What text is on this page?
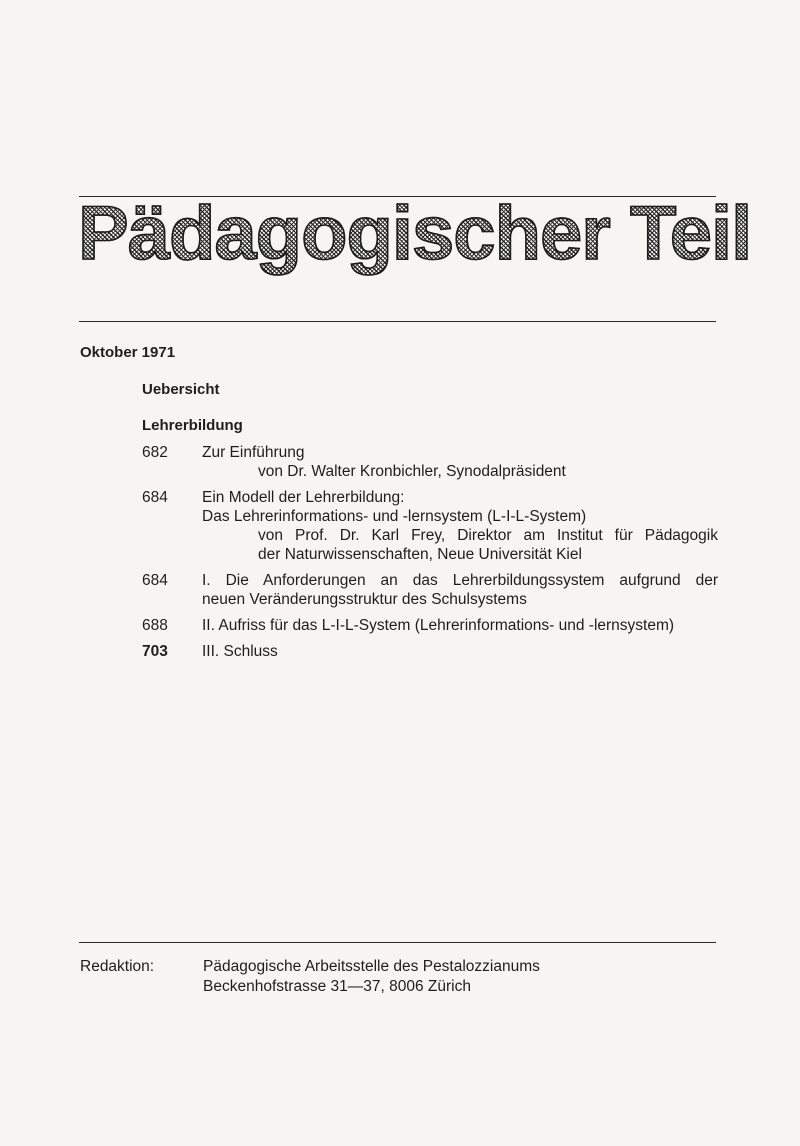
Pädagogischer Teil
Oktober 1971
Uebersicht
Lehrerbildung
682	Zur Einführung
von Dr. Walter Kronbichler, Synodalpräsident
684	Ein Modell der Lehrerbildung:
Das Lehrerinformations- und -lernsystem (L-I-L-System)
von Prof. Dr. Karl Frey, Direktor am Institut für Pädagogik
der Naturwissenschaften, Neue Universität Kiel
684	I. Die Anforderungen an das Lehrerbildungssystem aufgrund der
neuen Veränderungsstruktur des Schulsystems
688	II. Aufriss für das L-I-L-System (Lehrerinformations- und -lernsystem)
703	III. Schluss
Redaktion:	Pädagogische Arbeitsstelle des Pestalozzianums
Beckenhofstrasse 31—37, 8006 Zürich
